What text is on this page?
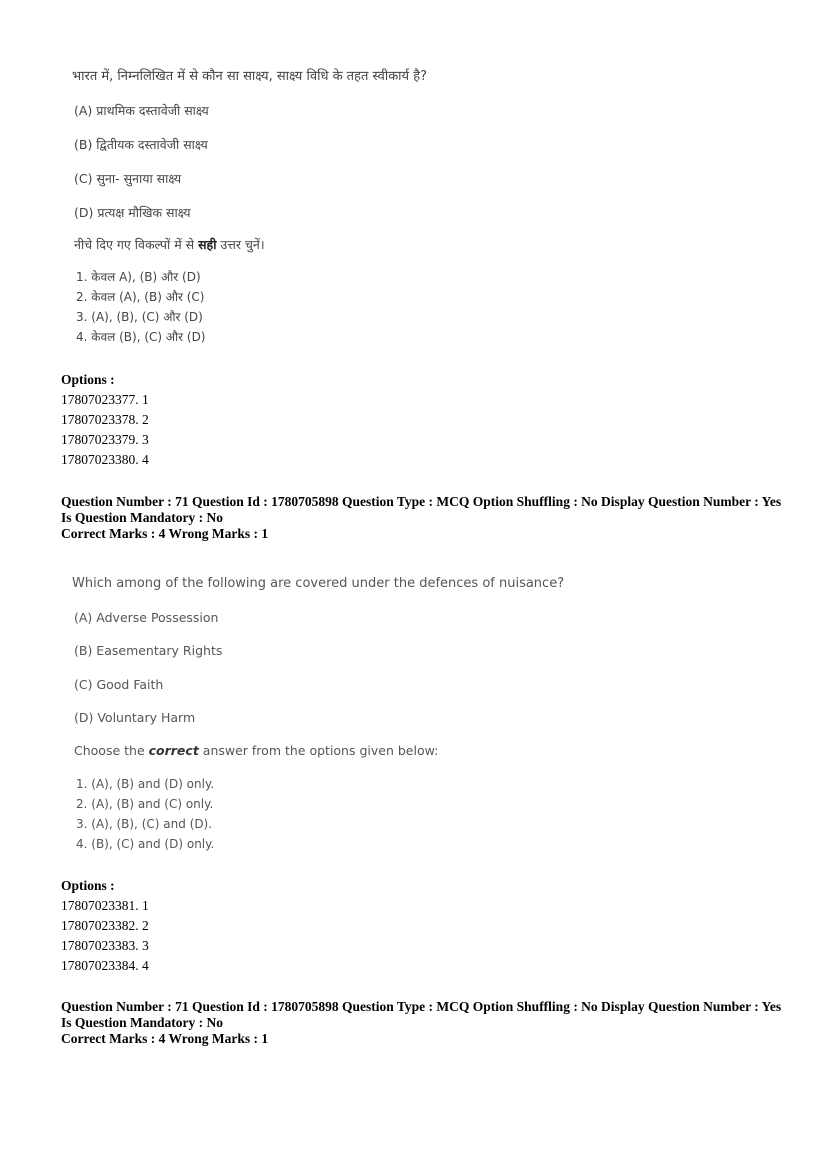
भारत में, निम्नलिखित में से कौन सा साक्ष्य, साक्ष्य विधि के तहत स्वीकार्य है?

(A) प्राथमिक दस्तावेजी साक्ष्य

(B) द्वितीयक दस्तावेजी साक्ष्य

(C) सुना- सुनाया साक्ष्य

(D) प्रत्यक्ष मौखिक साक्ष्य

नीचे दिए गए विकल्पों में से सही उत्तर चुनें।

1. केवल A), (B) और (D)

2. केवल (A), (B) और (C)

3. (A), (B), (C) और (D)

4. केवल (B), (C) और (D)

Options :
17807023377. 1
17807023378. 2
17807023379. 3
17807023380. 4
Question Number : 71 Question Id : 1780705898 Question Type : MCQ Option Shuffling : No Display Question Number : Yes
Is Question Mandatory : No
Correct Marks : 4 Wrong Marks : 1

Which among of the following are covered under the defences of nuisance?

(A) Adverse Possession

(B) Easementary Rights

(C) Good Faith

(D) Voluntary Harm

Choose the correct answer from the options given below:

1. (A), (B) and (D) only.

2. (A), (B) and (C) only.

3. (A), (B), (C) and (D).

4. (B), (C) and (D) only.

Options :
17807023381. 1
17807023382. 2
17807023383. 3
17807023384. 4
Question Number : 71 Question Id : 1780705898 Question Type : MCQ Option Shuffling : No Display Question Number : Yes
Is Question Mandatory : No
Correct Marks : 4 Wrong Marks : 1
